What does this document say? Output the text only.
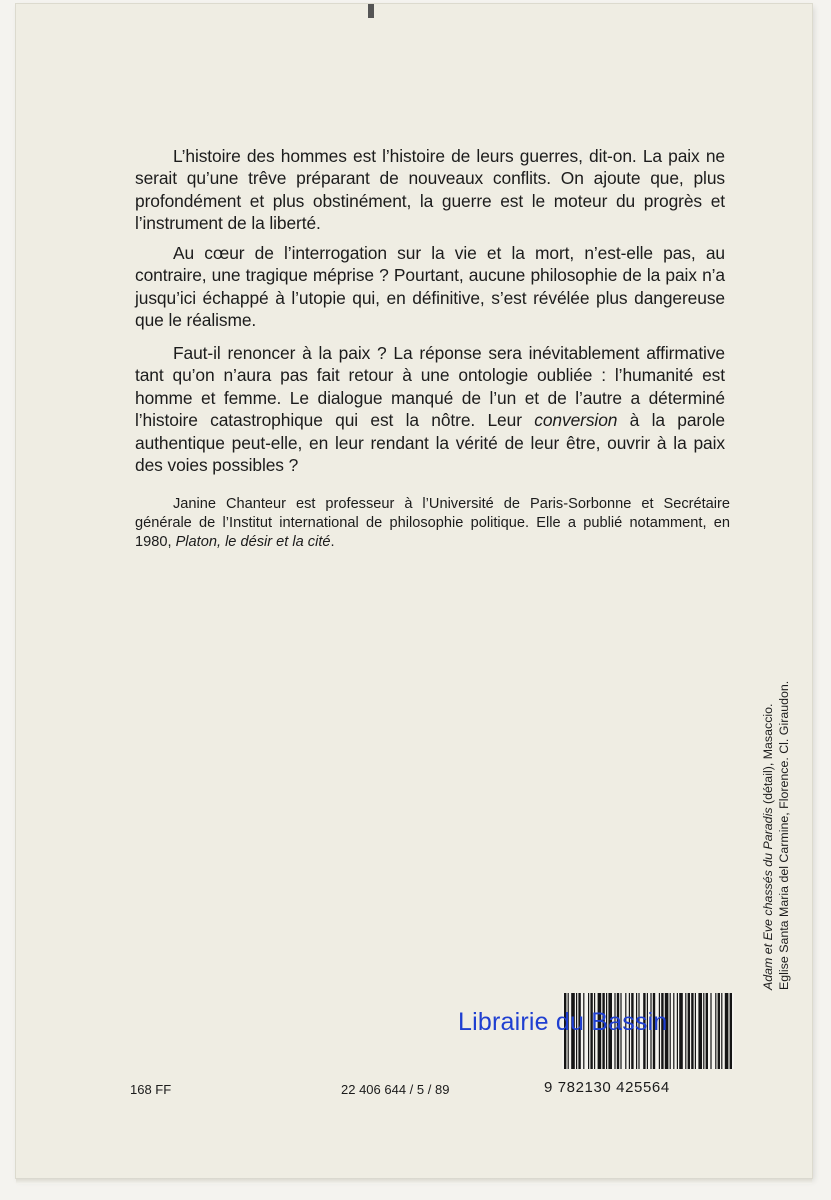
L’histoire des hommes est l’histoire de leurs guerres, dit-on. La paix ne serait qu’une trêve préparant de nouveaux conflits. On ajoute que, plus profondément et plus obstinément, la guerre est le moteur du progrès et l’instrument de la liberté.

Au cœur de l’interrogation sur la vie et la mort, n’est-elle pas, au contraire, une tragique méprise ? Pourtant, aucune philosophie de la paix n’a jusqu’ici échappé à l’utopie qui, en définitive, s’est révélée plus dangereuse que le réalisme.

Faut-il renoncer à la paix ? La réponse sera inévitablement affirmative tant qu’on n’aura pas fait retour à une ontologie oubliée : l’humanité est homme et femme. Le dialogue manqué de l’un et de l’autre a déterminé l’histoire catastrophique qui est la nôtre. Leur conversion à la parole authentique peut-elle, en leur rendant la vérité de leur être, ouvrir à la paix des voies possibles ?

Janine Chanteur est professeur à l’Université de Paris-Sorbonne et Secrétaire générale de l’Institut international de philosophie politique. Elle a publié notamment, en 1980, Platon, le désir et la cité.

Adam et Eve chassés du Paradis (détail), Masaccio. Eglise Santa Maria del Carmine, Florence. Cl. Giraudon.
9 782130 425564
Librairie du Bassin
168 FF	22 406 644 / 5 / 89
